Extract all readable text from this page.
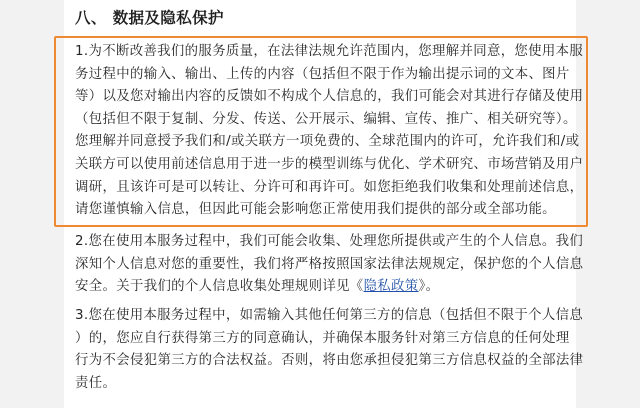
八、 数据及隐私保护
1.为不断改善我们的服务质量，在法律法规允许范围内，您理解并同意，您使用本服
务过程中的输入、输出、上传的内容（包括但不限于作为输出提示词的文本、图片
等）以及您对输出内容的反馈如不构成个人信息的，我们可能会对其进行存储及使用
（包括但不限于复制、分发、传送、公开展示、编辑、宣传、推广、相关研究等）。
您理解并同意授予我们和/或关联方一项免费的、全球范围内的许可，允许我们和/或
关联方可以使用前述信息用于进一步的模型训练与优化、学术研究、市场营销及用户
调研，且该许可是可以转让、分许可和再许可。如您拒绝我们收集和处理前述信息，
请您谨慎输入信息，但因此可能会影响您正常使用我们提供的部分或全部功能。
2.您在使用本服务过程中，我们可能会收集、处理您所提供或产生的个人信息。我们
深知个人信息对您的重要性，我们将严格按照国家法律法规规定，保护您的个人信息
安全。关于我们的个人信息收集处理规则详见《隐私政策》。
3.您在使用本服务过程中，如需输入其他任何第三方的信息（包括但不限于个人信息
）的，您应自行获得第三方的同意确认，并确保本服务针对第三方信息的任何处理
行为不会侵犯第三方的合法权益。否则，将由您承担侵犯第三方信息权益的全部法律
责任。
